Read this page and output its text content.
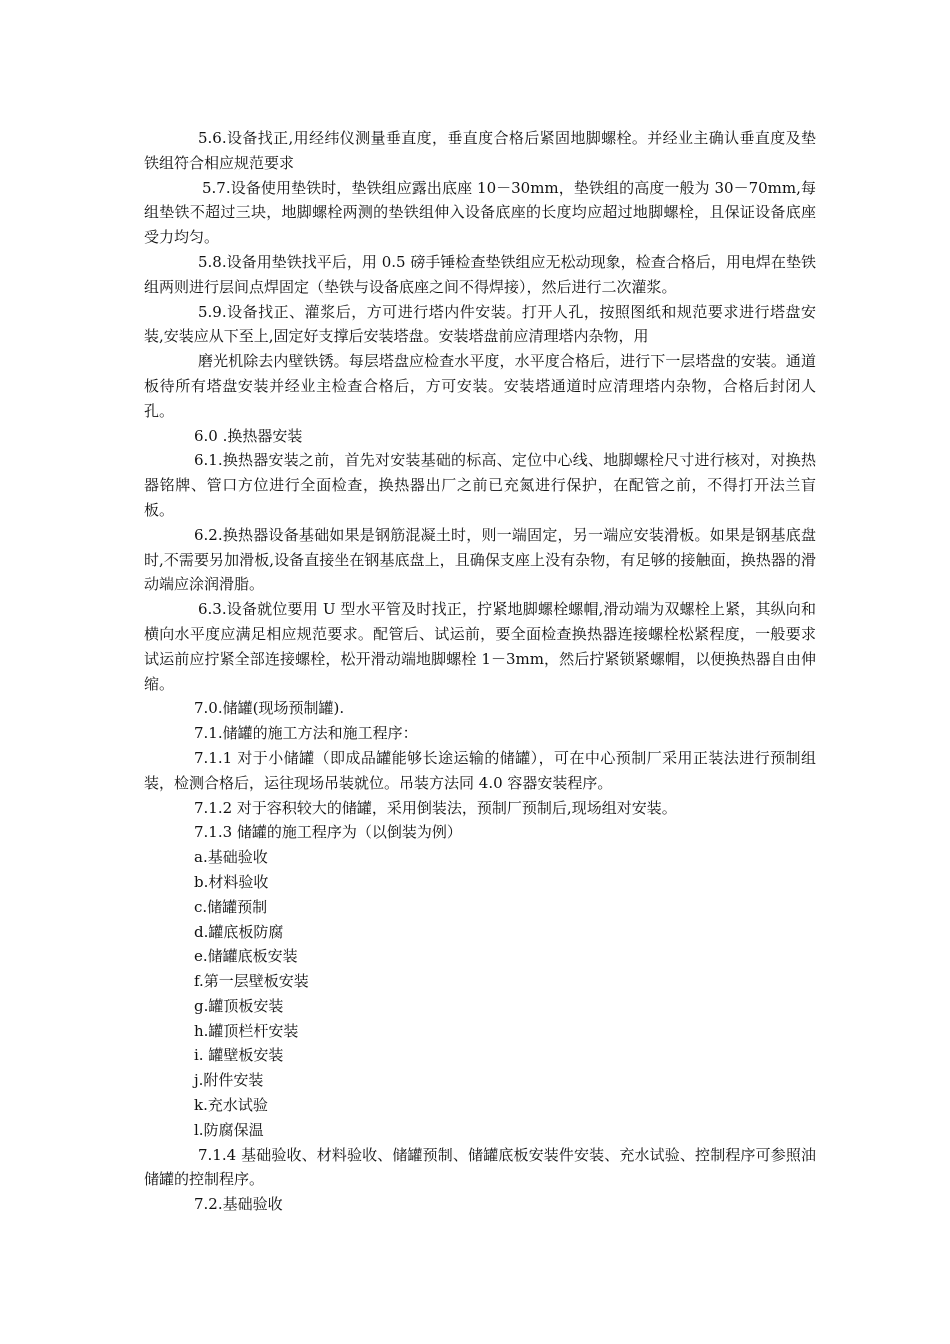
5.6.设备找正,用经纬仪测量垂直度，垂直度合格后紧固地脚螺栓。并经业主确认垂直度及垫铁组符合相应规范要求

5.7.设备使用垫铁时，垫铁组应露出底座 10－30mm，垫铁组的高度一般为 30－70mm,每组垫铁不超过三块，地脚螺栓两测的垫铁组伸入设备底座的长度均应超过地脚螺栓，且保证设备底座受力均匀。

5.8.设备用垫铁找平后，用 0.5 磅手锤检查垫铁组应无松动现象，检查合格后，用电焊在垫铁组两则进行层间点焊固定（垫铁与设备底座之间不得焊接），然后进行二次灌浆。

5.9.设备找正、灌浆后，方可进行塔内件安装。打开人孔，按照图纸和规范要求进行塔盘安装,安装应从下至上,固定好支撑后安装塔盘。安装塔盘前应清理塔内杂物，用

磨光机除去内壁铁锈。每层塔盘应检查水平度，水平度合格后，进行下一层塔盘的安装。通道板待所有塔盘安装并经业主检查合格后，方可安装。安装塔通道时应清理塔内杂物，合格后封闭人孔。

6.0 .换热器安装

6.1.换热器安装之前，首先对安装基础的标高、定位中心线、地脚螺栓尺寸进行核对，对换热器铭牌、管口方位进行全面检查，换热器出厂之前已充氮进行保护，在配管之前，不得打开法兰盲板。

6.2.换热器设备基础如果是钢筋混凝土时，则一端固定，另一端应安装滑板。如果是钢基底盘时,不需要另加滑板,设备直接坐在钢基底盘上，且确保支座上没有杂物，有足够的接触面，换热器的滑动端应涂润滑脂。

6.3.设备就位要用 U 型水平管及时找正，拧紧地脚螺栓螺帽,滑动端为双螺栓上紧，其纵向和横向水平度应满足相应规范要求。配管后、试运前，要全面检查换热器连接螺栓松紧程度，一般要求试运前应拧紧全部连接螺栓，松开滑动端地脚螺栓 1－3mm，然后拧紧锁紧螺帽，以便换热器自由伸缩。

7.0.储罐(现场预制罐).

7.1.储罐的施工方法和施工程序：

7.1.1 对于小储罐（即成品罐能够长途运输的储罐），可在中心预制厂采用正装法进行预制组装，检测合格后，运往现场吊装就位。吊装方法同 4.0 容器安装程序。

7.1.2 对于容积较大的储罐，采用倒装法，预制厂预制后,现场组对安装。

7.1.3 储罐的施工程序为（以倒装为例）

a.基础验收

b.材料验收

c.储罐预制

d.罐底板防腐

e.储罐底板安装

f.第一层壁板安装

g.罐顶板安装

h.罐顶栏杆安装

i. 罐壁板安装

j.附件安装

k.充水试验

l.防腐保温

7.1.4 基础验收、材料验收、储罐预制、储罐底板安装件安装、充水试验、控制程序可参照油储罐的控制程序。

7.2.基础验收
